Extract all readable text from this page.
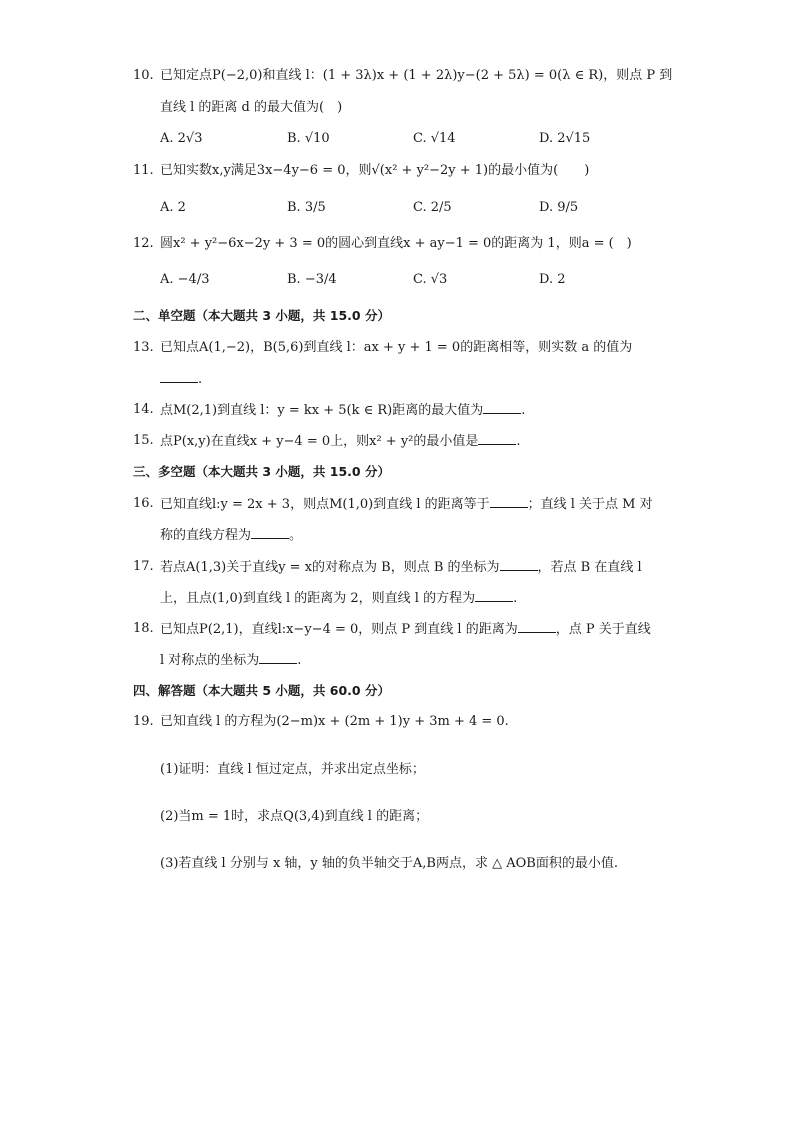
10. 已知定点P(−2,0)和直线 l：(1 + 3λ)x + (1 + 2λ)y−(2 + 5λ) = 0(λ ∈ R)，则点 P 到
直线 l 的距离 d 的最大值为(　)
A. 2√3	B. √10	C. √14	D. 2√15
11. 已知实数x,y满足3x−4y−6 = 0，则√(x² + y²−2y + 1)的最小值为(　　)
A. 2	B. 3/5	C. 2/5	D. 9/5
12. 圆x² + y²−6x−2y + 3 = 0的圆心到直线x + ay−1 = 0的距离为 1，则a = (　)
A. −4/3	B. −3/4	C. √3	D. 2
二、单空题（本大题共 3 小题，共 15.0 分）
13. 已知点A(1,−2)，B(5,6)到直线 l：ax + y + 1 = 0的距离相等，则实数 a 的值为
.
14. 点M(2,1)到直线 l：y = kx + 5(k ∈ R)距离的最大值为	.
15. 点P(x,y)在直线x + y−4 = 0上，则x² + y²的最小值是	.
三、多空题（本大题共 3 小题，共 15.0 分）
16. 已知直线l:y = 2x + 3，则点M(1,0)到直线 l 的距离等于	；直线 l 关于点 M 对
称的直线方程为	。
17. 若点A(1,3)关于直线y = x的对称点为 B，则点 B 的坐标为	，若点 B 在直线 l
上，且点(1,0)到直线 l 的距离为 2，则直线 l 的方程为	.
18. 已知点P(2,1)，直线l:x−y−4 = 0，则点 P 到直线 l 的距离为	，点 P 关于直线
l 对称点的坐标为	.
四、解答题（本大题共 5 小题，共 60.0 分）
19. 已知直线 l 的方程为(2−m)x + (2m + 1)y + 3m + 4 = 0.
(1)证明：直线 l 恒过定点，并求出定点坐标；
(2)当m = 1时，求点Q(3,4)到直线 l 的距离；
(3)若直线 l 分别与 x 轴，y 轴的负半轴交于A,B两点，求 △ AOB面积的最小值.
